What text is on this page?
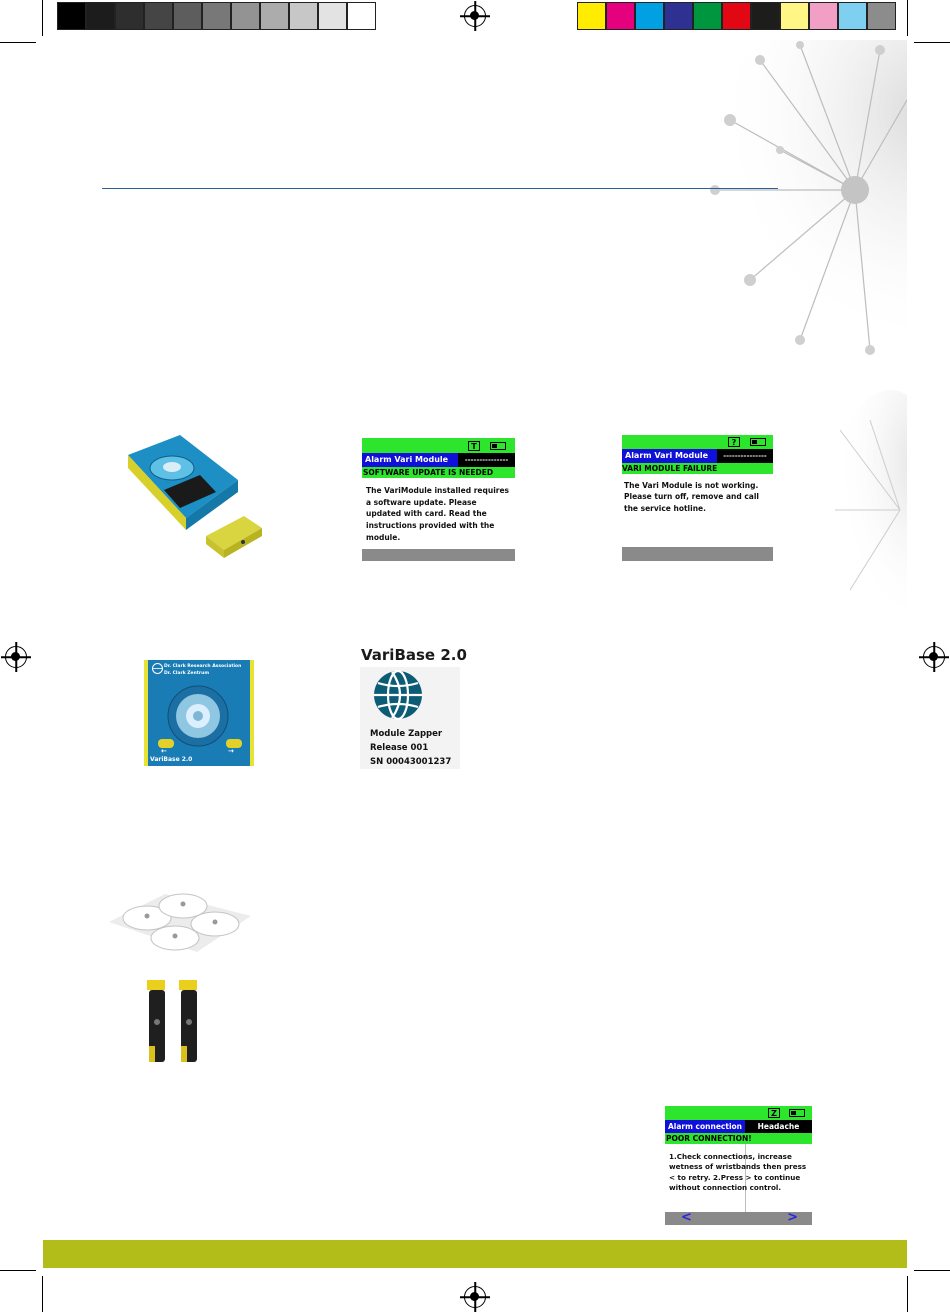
T
Alarm Vari Module	---------------
SOFTWARE UPDATE IS NEEDED
The VariModule installed requires a software update. Please updated with card. Read the instructions provided with the module.
?
Alarm Vari Module	---------------
VARI MODULE FAILURE
The Vari Module is not working. Please turn off, remove and call the service hotline.
Dr. Clark Research Association
Dr. Clark Zentrum
←	→
VariBase 2.0
VariBase 2.0
Module Zapper
Release 001
SN 00043001237
Z
Alarm connection	Headache
POOR CONNECTION!
1.Check connections, increase wetness of wristbands then press < to retry. 2.Press > to continue without connection control.
<	>
